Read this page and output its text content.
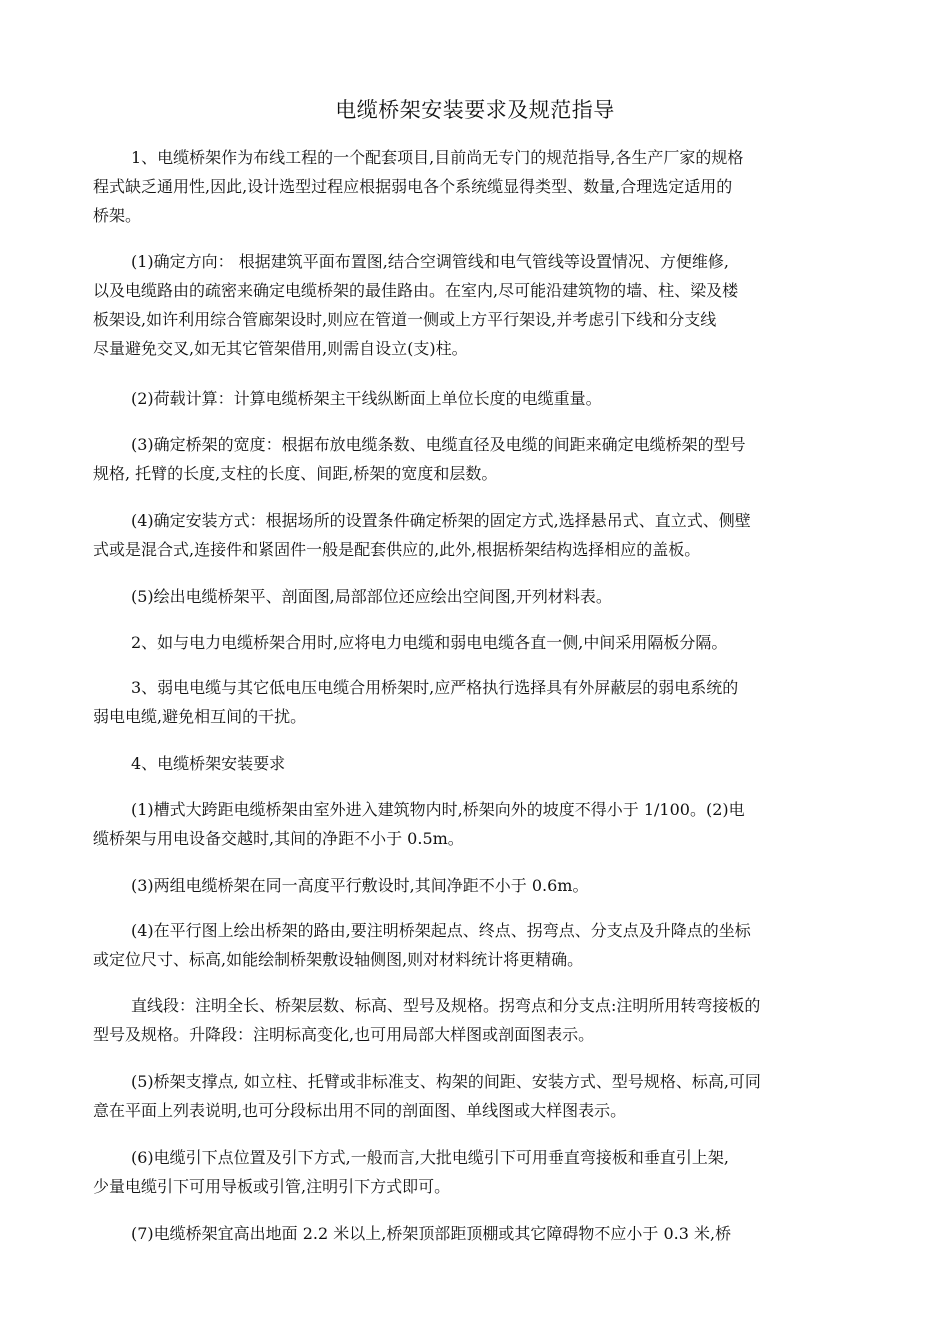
电缆桥架安装要求及规范指导
1、电缆桥架作为布线工程的一个配套项目,目前尚无专门的规范指导,各生产厂家的规格
程式缺乏通用性,因此,设计选型过程应根据弱电各个系统缆显得类型、数量,合理选定适用的
桥架。
(1)确定方向： 根据建筑平面布置图,结合空调管线和电气管线等设置情况、方便维修,
以及电缆路由的疏密来确定电缆桥架的最佳路由。在室内,尽可能沿建筑物的墙、柱、梁及楼
板架设,如许利用综合管廊架设时,则应在管道一侧或上方平行架设,并考虑引下线和分支线
尽量避免交叉,如无其它管架借用,则需自设立(支)柱。
(2)荷载计算：计算电缆桥架主干线纵断面上单位长度的电缆重量。
(3)确定桥架的宽度：根据布放电缆条数、电缆直径及电缆的间距来确定电缆桥架的型号
规格, 托臂的长度,支柱的长度、间距,桥架的宽度和层数。
(4)确定安装方式：根据场所的设置条件确定桥架的固定方式,选择悬吊式、直立式、侧壁
式或是混合式,连接件和紧固件一般是配套供应的,此外,根据桥架结构选择相应的盖板。
(5)绘出电缆桥架平、剖面图,局部部位还应绘出空间图,开列材料表。
2、如与电力电缆桥架合用时,应将电力电缆和弱电电缆各直一侧,中间采用隔板分隔。
3、弱电电缆与其它低电压电缆合用桥架时,应严格执行选择具有外屏蔽层的弱电系统的
弱电电缆,避免相互间的干扰。
4、电缆桥架安装要求
(1)槽式大跨距电缆桥架由室外进入建筑物内时,桥架向外的坡度不得小于 1/100。(2)电
缆桥架与用电设备交越时,其间的净距不小于 0.5m。
(3)两组电缆桥架在同一高度平行敷设时,其间净距不小于 0.6m。
(4)在平行图上绘出桥架的路由,要注明桥架起点、终点、拐弯点、分支点及升降点的坐标
或定位尺寸、标高,如能绘制桥架敷设轴侧图,则对材料统计将更精确。
直线段：注明全长、桥架层数、标高、型号及规格。拐弯点和分支点:注明所用转弯接板的
型号及规格。升降段：注明标高变化,也可用局部大样图或剖面图表示。
(5)桥架支撑点, 如立柱、托臂或非标准支、构架的间距、安装方式、型号规格、标高,可同
意在平面上列表说明,也可分段标出用不同的剖面图、单线图或大样图表示。
(6)电缆引下点位置及引下方式,一般而言,大批电缆引下可用垂直弯接板和垂直引上架,
少量电缆引下可用导板或引管,注明引下方式即可。
(7)电缆桥架宜高出地面 2.2 米以上,桥架顶部距顶棚或其它障碍物不应小于 0.3 米,桥
